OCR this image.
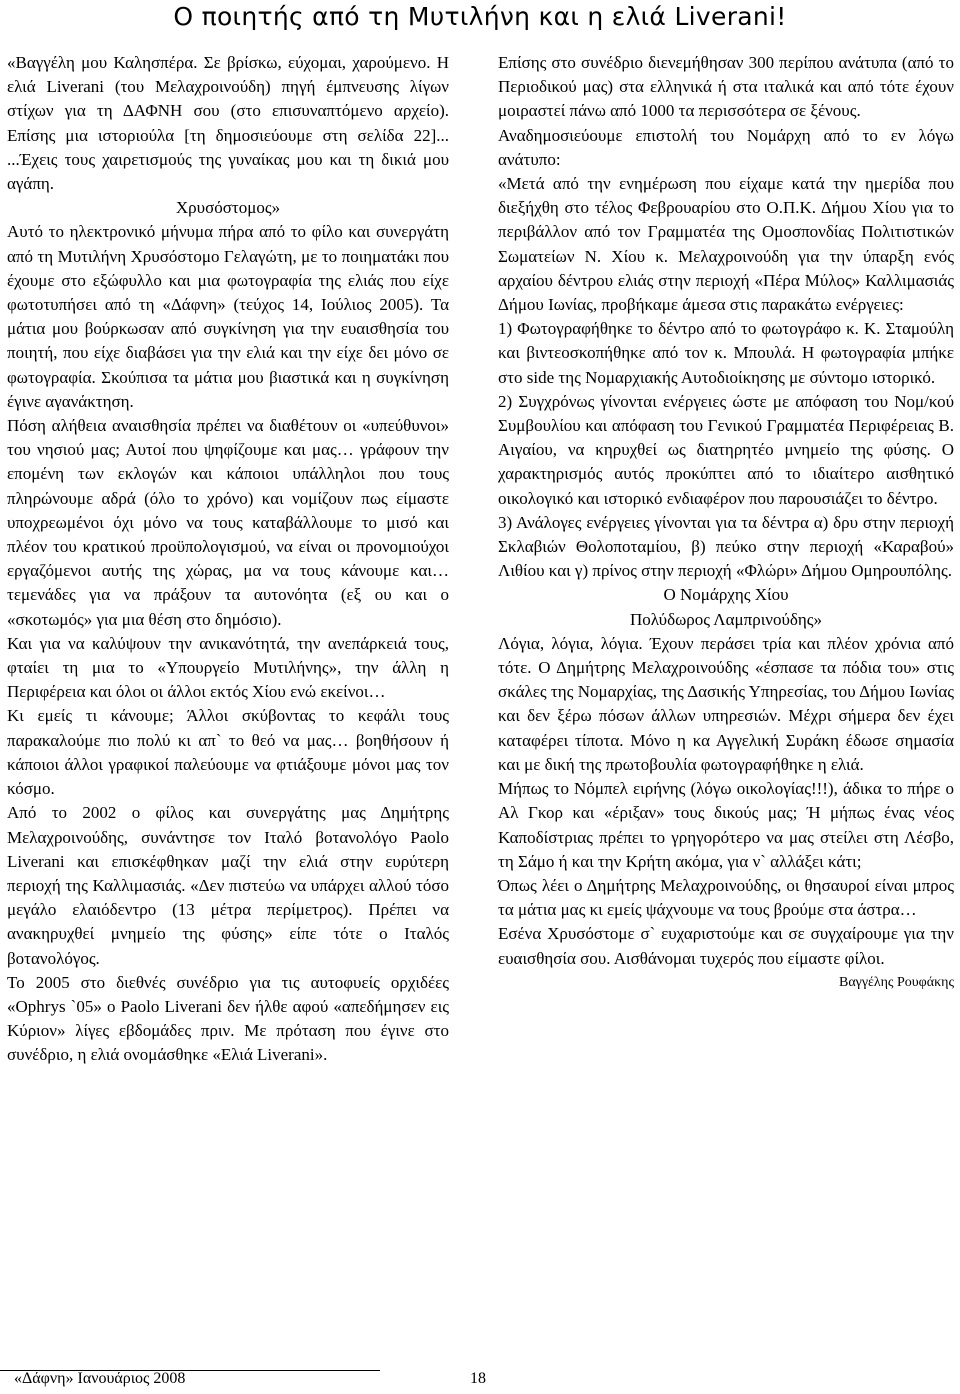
Ο ποιητής από τη Μυτιλήνη και η ελιά Liverani!

«Βαγγέλη μου Καλησπέρα. Σε βρίσκω, εύχομαι, χαρούμενο. Η ελιά Liverani (του Μελαχροινούδη) πηγή έμπνευσης λίγων στίχων για τη ΔΑΦΝΗ σου (στο επισυναπτόμενο αρχείο). Επίσης μια ιστοριούλα [τη δημοσιεύουμε στη σελίδα 22]... ...Έχεις τους χαιρετισμούς της γυναίκας μου και τη δικιά μου αγάπη.

Χρυσόστομος»

Αυτό το ηλεκτρονικό μήνυμα πήρα από το φίλο και συνεργάτη από τη Μυτιλήνη Χρυσόστομο Γελαγώτη, με το ποιηματάκι που έχουμε στο εξώφυλλο και μια φωτογραφία της ελιάς που είχε φωτοτυπήσει από τη «Δάφνη» (τεύχος 14, Ιούλιος 2005). Τα μάτια μου βούρκωσαν από συγκίνηση για την ευαισθησία του ποιητή, που είχε διαβάσει για την ελιά και την είχε δει μόνο σε φωτογραφία. Σκούπισα τα μάτια μου βιαστικά και η συγκίνηση έγινε αγανάκτηση.

Πόση αλήθεια αναισθησία πρέπει να διαθέτουν οι «υπεύθυνοι» του νησιού μας; Αυτοί που ψηφίζουμε και μας… γράφουν την επομένη των εκλογών και κάποιοι υπάλληλοι που τους πληρώνουμε αδρά (όλο το χρόνο) και νομίζουν πως είμαστε υποχρεωμένοι όχι μόνο να τους καταβάλλουμε το μισό και πλέον του κρατικού προϋπολογισμού, να είναι οι προνομιούχοι εργαζόμενοι αυτής της χώρας, μα να τους κάνουμε και… τεμενάδες για να πράξουν τα αυτονόητα (εξ ου και ο «σκοτωμός» για μια θέση στο δημόσιο).

Και για να καλύψουν την ανικανότητά, την ανεπάρκειά τους, φταίει τη μια το «Υπουργείο Μυτιλήνης», την άλλη η Περιφέρεια και όλοι οι άλλοι εκτός Χίου ενώ εκείνοι…

Κι εμείς τι κάνουμε; Άλλοι σκύβοντας το κεφάλι τους παρακαλούμε πιο πολύ κι απ` το θεό να μας… βοηθήσουν ή κάποιοι άλλοι γραφικοί παλεύουμε να φτιάξουμε μόνοι μας τον κόσμο.

Από το 2002 ο φίλος και συνεργάτης μας Δημήτρης Μελαχροινούδης, συνάντησε τον Ιταλό βοτανολόγο Paolo Liverani και επισκέφθηκαν μαζί την ελιά στην ευρύτερη περιοχή της Καλλιμασιάς. «Δεν πιστεύω να υπάρχει αλλού τόσο μεγάλο ελαιόδεντρο (13 μέτρα περίμετρος). Πρέπει να ανακηρυχθεί μνημείο της φύσης» είπε τότε ο Ιταλός βοτανολόγος.

Το 2005 στο διεθνές συνέδριο για τις αυτοφυείς ορχιδέες «Ophrys `05» ο Paolo Liverani δεν ήλθε αφού «απεδήμησεν εις Κύριον» λίγες εβδομάδες πριν. Με πρόταση που έγινε στο συνέδριο, η ελιά ονομάσθηκε «Ελιά Liverani».

Επίσης στο συνέδριο διενεμήθησαν 300 περίπου ανάτυπα (από το Περιοδικού μας) στα ελληνικά ή στα ιταλικά και από τότε έχουν μοιραστεί πάνω από 1000 τα περισσότερα σε ξένους.

Αναδημοσιεύουμε επιστολή του Νομάρχη από το εν λόγω ανάτυπο:

«Μετά από την ενημέρωση που είχαμε κατά την ημερίδα που διεξήχθη στο τέλος Φεβρουαρίου στο Ο.Π.Κ. Δήμου Χίου για το περιβάλλον από τον Γραμματέα της Ομοσπονδίας Πολιτιστικών Σωματείων Ν. Χίου κ. Μελαχροινούδη για την ύπαρξη ενός αρχαίου δέντρου ελιάς στην περιοχή «Πέρα Μύλος» Καλλιμασιάς Δήμου Ιωνίας, προβήκαμε άμεσα στις παρακάτω ενέργειες:

1) Φωτογραφήθηκε το δέντρο από το φωτογράφο κ. Κ. Σταμούλη και βιντεοσκοπήθηκε από τον κ. Μπουλά. Η φωτογραφία μπήκε στο side της Νομαρχιακής Αυτοδιοίκησης με σύντομο ιστορικό.

2) Συγχρόνως γίνονται ενέργειες ώστε με απόφαση του Νομ/κού Συμβουλίου και απόφαση του Γενικού Γραμματέα Περιφέρειας Β. Αιγαίου, να κηρυχθεί ως διατηρητέο μνημείο της φύσης. Ο χαρακτηρισμός αυτός προκύπτει από το ιδιαίτερο αισθητικό οικολογικό και ιστορικό ενδιαφέρον που παρουσιάζει το δέντρο.

3) Ανάλογες ενέργειες γίνονται για τα δέντρα α) δρυ στην περιοχή Σκλαβιών Θολοποταμίου, β) πεύκο στην περιοχή «Καραβού» Λιθίου και γ) πρίνος στην περιοχή «Φλώρι» Δήμου Ομηρουπόλης.

Ο Νομάρχης Χίου

Πολύδωρος Λαμπρινούδης»

Λόγια, λόγια, λόγια. Έχουν περάσει τρία και πλέον χρόνια από τότε. Ο Δημήτρης Μελαχροινούδης «έσπασε τα πόδια του» στις σκάλες της Νομαρχίας, της Δασικής Υπηρεσίας, του Δήμου Ιωνίας και δεν ξέρω πόσων άλλων υπηρεσιών. Μέχρι σήμερα δεν έχει καταφέρει τίποτα. Μόνο η κα Αγγελική Συράκη έδωσε σημασία και με δική της πρωτοβουλία φωτογραφήθηκε η ελιά.

Μήπως το Νόμπελ ειρήνης (λόγω οικολογίας!!!), άδικα το πήρε ο Αλ Γκορ και «έριξαν» τους δικούς μας; Ή μήπως ένας νέος Καποδίστριας πρέπει το γρηγορότερο να μας στείλει στη Λέσβο, τη Σάμο ή και την Κρήτη ακόμα, για ν` αλλάξει κάτι;

Όπως λέει ο Δημήτρης Μελαχροινούδης, οι θησαυροί είναι μπρος τα μάτια μας κι εμείς ψάχνουμε να τους βρούμε στα άστρα…

Εσένα Χρυσόστομε σ` ευχαριστούμε και σε συγχαίρουμε για την ευαισθησία σου. Αισθάνομαι τυχερός που είμαστε φίλοι.

Βαγγέλης Ρουφάκης

«Δάφνη» Ιανουάριος 2008	18
